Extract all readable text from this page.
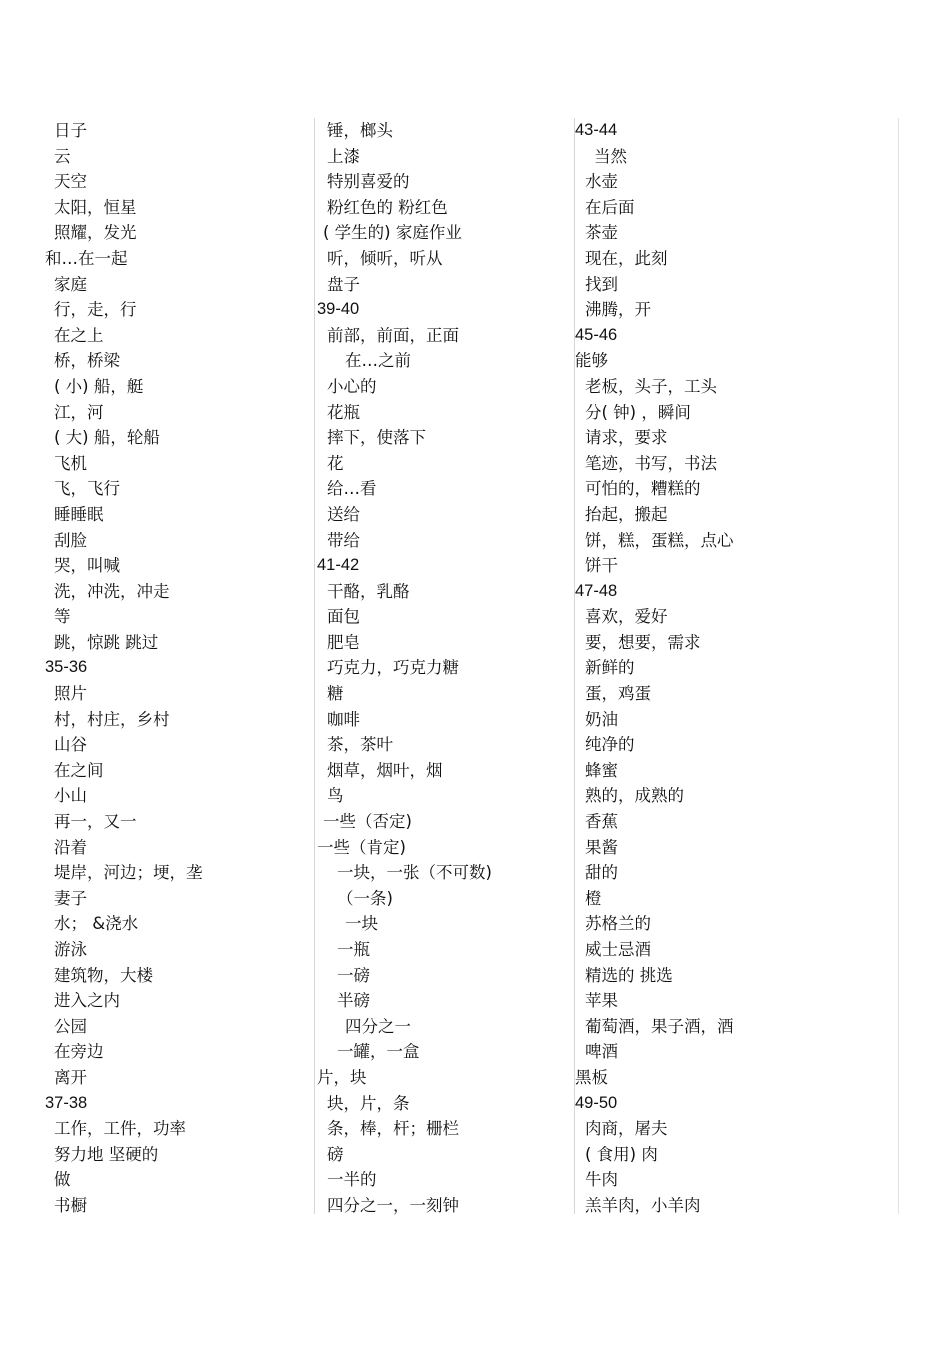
日子
云
天空
太阳，恒星
照耀，发光
和…在一起
家庭
行，走，行
在之上
桥，桥梁
( 小) 船，艇
江，河
( 大) 船，轮船
飞机
飞，飞行
睡睡眠
刮脸
哭，叫喊
洗，冲洗，冲走
等
跳，惊跳 跳过
35-36
照片
村，村庄，乡村
山谷
在之间
小山
再一，又一
沿着
堤岸，河边；埂，垄
妻子
水； &浇水
游泳
建筑物，大楼
进入之内
公园
在旁边
离开
37-38
工作，工件，功率
努力地 坚硬的
做
书橱
锤，榔头
上漆
特别喜爱的
粉红色的 粉红色
( 学生的) 家庭作业
听，倾听，听从
盘子
39-40
前部，前面，正面
在…之前
小心的
花瓶
摔下，使落下
花
给…看
送给
带给
41-42
干酪，乳酪
面包
肥皂
巧克力，巧克力糖
糖
咖啡
茶，茶叶
烟草，烟叶，烟
鸟
一些（否定)
一些（肯定)
一块，一张（不可数)
（一条)
一块
一瓶
一磅
半磅
四分之一
一罐，一盒
片，块
块，片，条
条，棒，杆；栅栏
磅
一半的
四分之一，一刻钟
43-44
当然
水壶
在后面
茶壶
现在，此刻
找到
沸腾，开
45-46
能够
老板，头子，工头
分( 钟) ，瞬间
请求，要求
笔迹，书写，书法
可怕的，糟糕的
抬起，搬起
饼，糕，蛋糕，点心
饼干
47-48
喜欢，爱好
要，想要，需求
新鲜的
蛋，鸡蛋
奶油
纯净的
蜂蜜
熟的，成熟的
香蕉
果酱
甜的
橙
苏格兰的
威士忌酒
精选的 挑选
苹果
葡萄酒，果子酒，酒
啤酒
黑板
49-50
肉商，屠夫
( 食用) 肉
牛肉
羔羊肉，小羊肉
